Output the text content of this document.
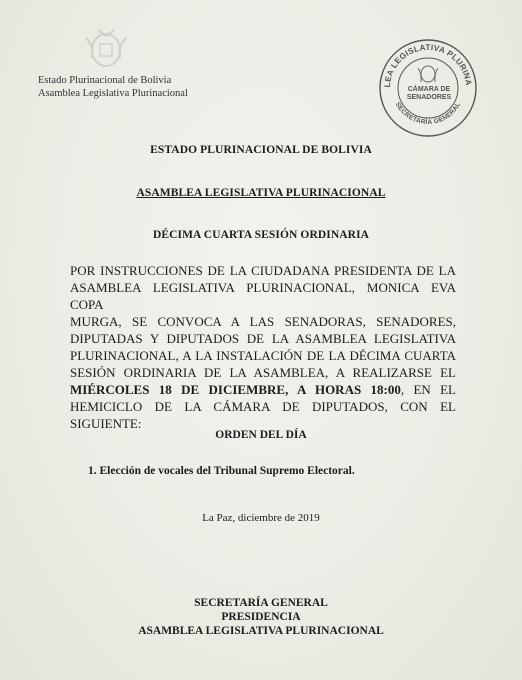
Estado Plurinacional de Bolivia
Asamblea Legislativa Plurinacional
LEA LEGISLATIVA PLURINA
SECRETARÍA GENERAL
CÁMARA DE
SENADORES
ESTADO PLURINACIONAL DE BOLIVIA
ASAMBLEA LEGISLATIVA PLURINACIONAL
DÉCIMA CUARTA SESIÓN ORDINARIA
POR INSTRUCCIONES DE LA CIUDADANA PRESIDENTA DE LA
ASAMBLEA LEGISLATIVA PLURINACIONAL, MONICA EVA COPA
MURGA, SE CONVOCA A LAS SENADORAS, SENADORES,
DIPUTADAS Y DIPUTADOS DE LA ASAMBLEA LEGISLATIVA
PLURINACIONAL, A LA INSTALACIÓN DE LA DÉCIMA CUARTA
SESIÓN ORDINARIA DE LA ASAMBLEA, A REALIZARSE EL
MIÉRCOLES 18 DE DICIEMBRE, A HORAS 18:00, EN EL
HEMICICLO DE LA CÁMARA DE DIPUTADOS, CON EL SIGUIENTE:
ORDEN DEL DÍA
1. Elección de vocales del Tribunal Supremo Electoral.
La Paz, diciembre de 2019
SECRETARÍA GENERAL
PRESIDENCIA
ASAMBLEA LEGISLATIVA PLURINACIONAL
